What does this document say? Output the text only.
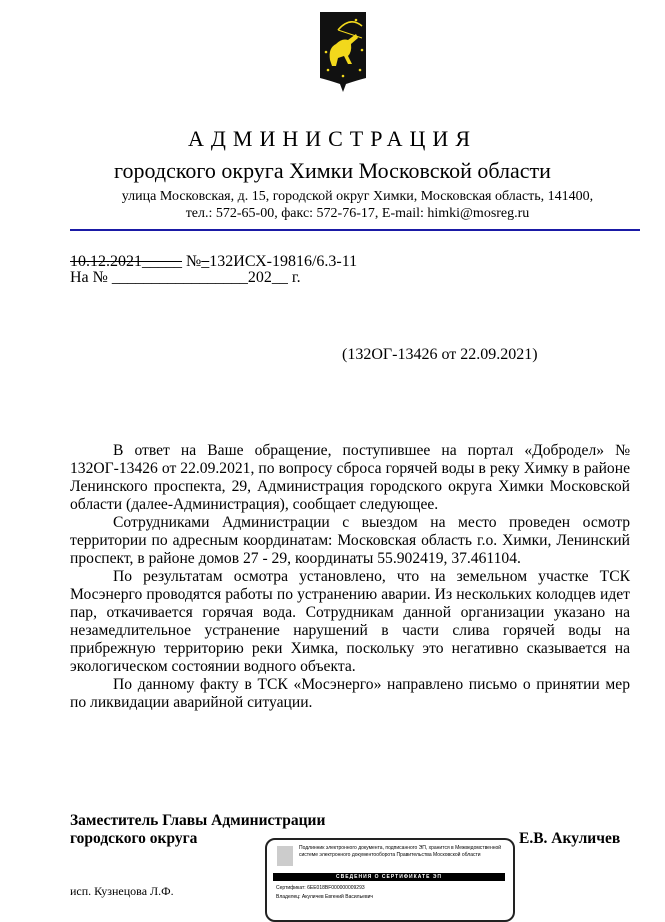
АДМИНИСТРАЦИЯ
городского округа Химки Московской области
улица Московская, д. 15, городской округ Химки, Московская область, 141400,
тел.: 572-65-00, факс: 572-76-17, E-mail: himki@mosreg.ru
10.12.2021_____ №_132ИСХ-19816/6.3-11
На № _________________202__ г.
(132ОГ-13426 от 22.09.2021)

В ответ на Ваше обращение, поступившее на портал «Добродел» № 132ОГ-13426 от 22.09.2021, по вопросу сброса горячей воды в реку Химку в районе Ленинского проспекта, 29, Администрация городского округа Химки Московской области (далее-Администрация), сообщает следующее.

Сотрудниками Администрации с выездом на место проведен осмотр территории по адресным координатам: Московская область г.о. Химки, Ленинский проспект, в районе домов 27 - 29, координаты 55.902419, 37.461104.

По результатам осмотра установлено, что на земельном участке ТСК Мосэнерго проводятся работы по устранению аварии. Из нескольких колодцев идет пар, откачивается горячая вода. Сотрудникам данной организации указано на незамедлительное устранение нарушений в части слива горячей воды на прибрежную территорию реки Химка, поскольку это негативно сказывается на экологическом состоянии водного объекта.

По данному факту в ТСК «Мосэнерго» направлено письмо о принятии мер по ликвидации аварийной ситуации.

Заместитель Главы Администрации
городского округа	Е.В. Акуличев
Подлинник электронного документа, подписанного ЭП, хранится в Межведомственной системе электронного документооборота Правительства Московской области
СВЕДЕНИЯ О СЕРТИФИКАТЕ ЭП
Сертификат: 6EE018BF000000009293
Владелец: Акуличев Евгений Васильевич
исп. Кузнецова Л.Ф.
